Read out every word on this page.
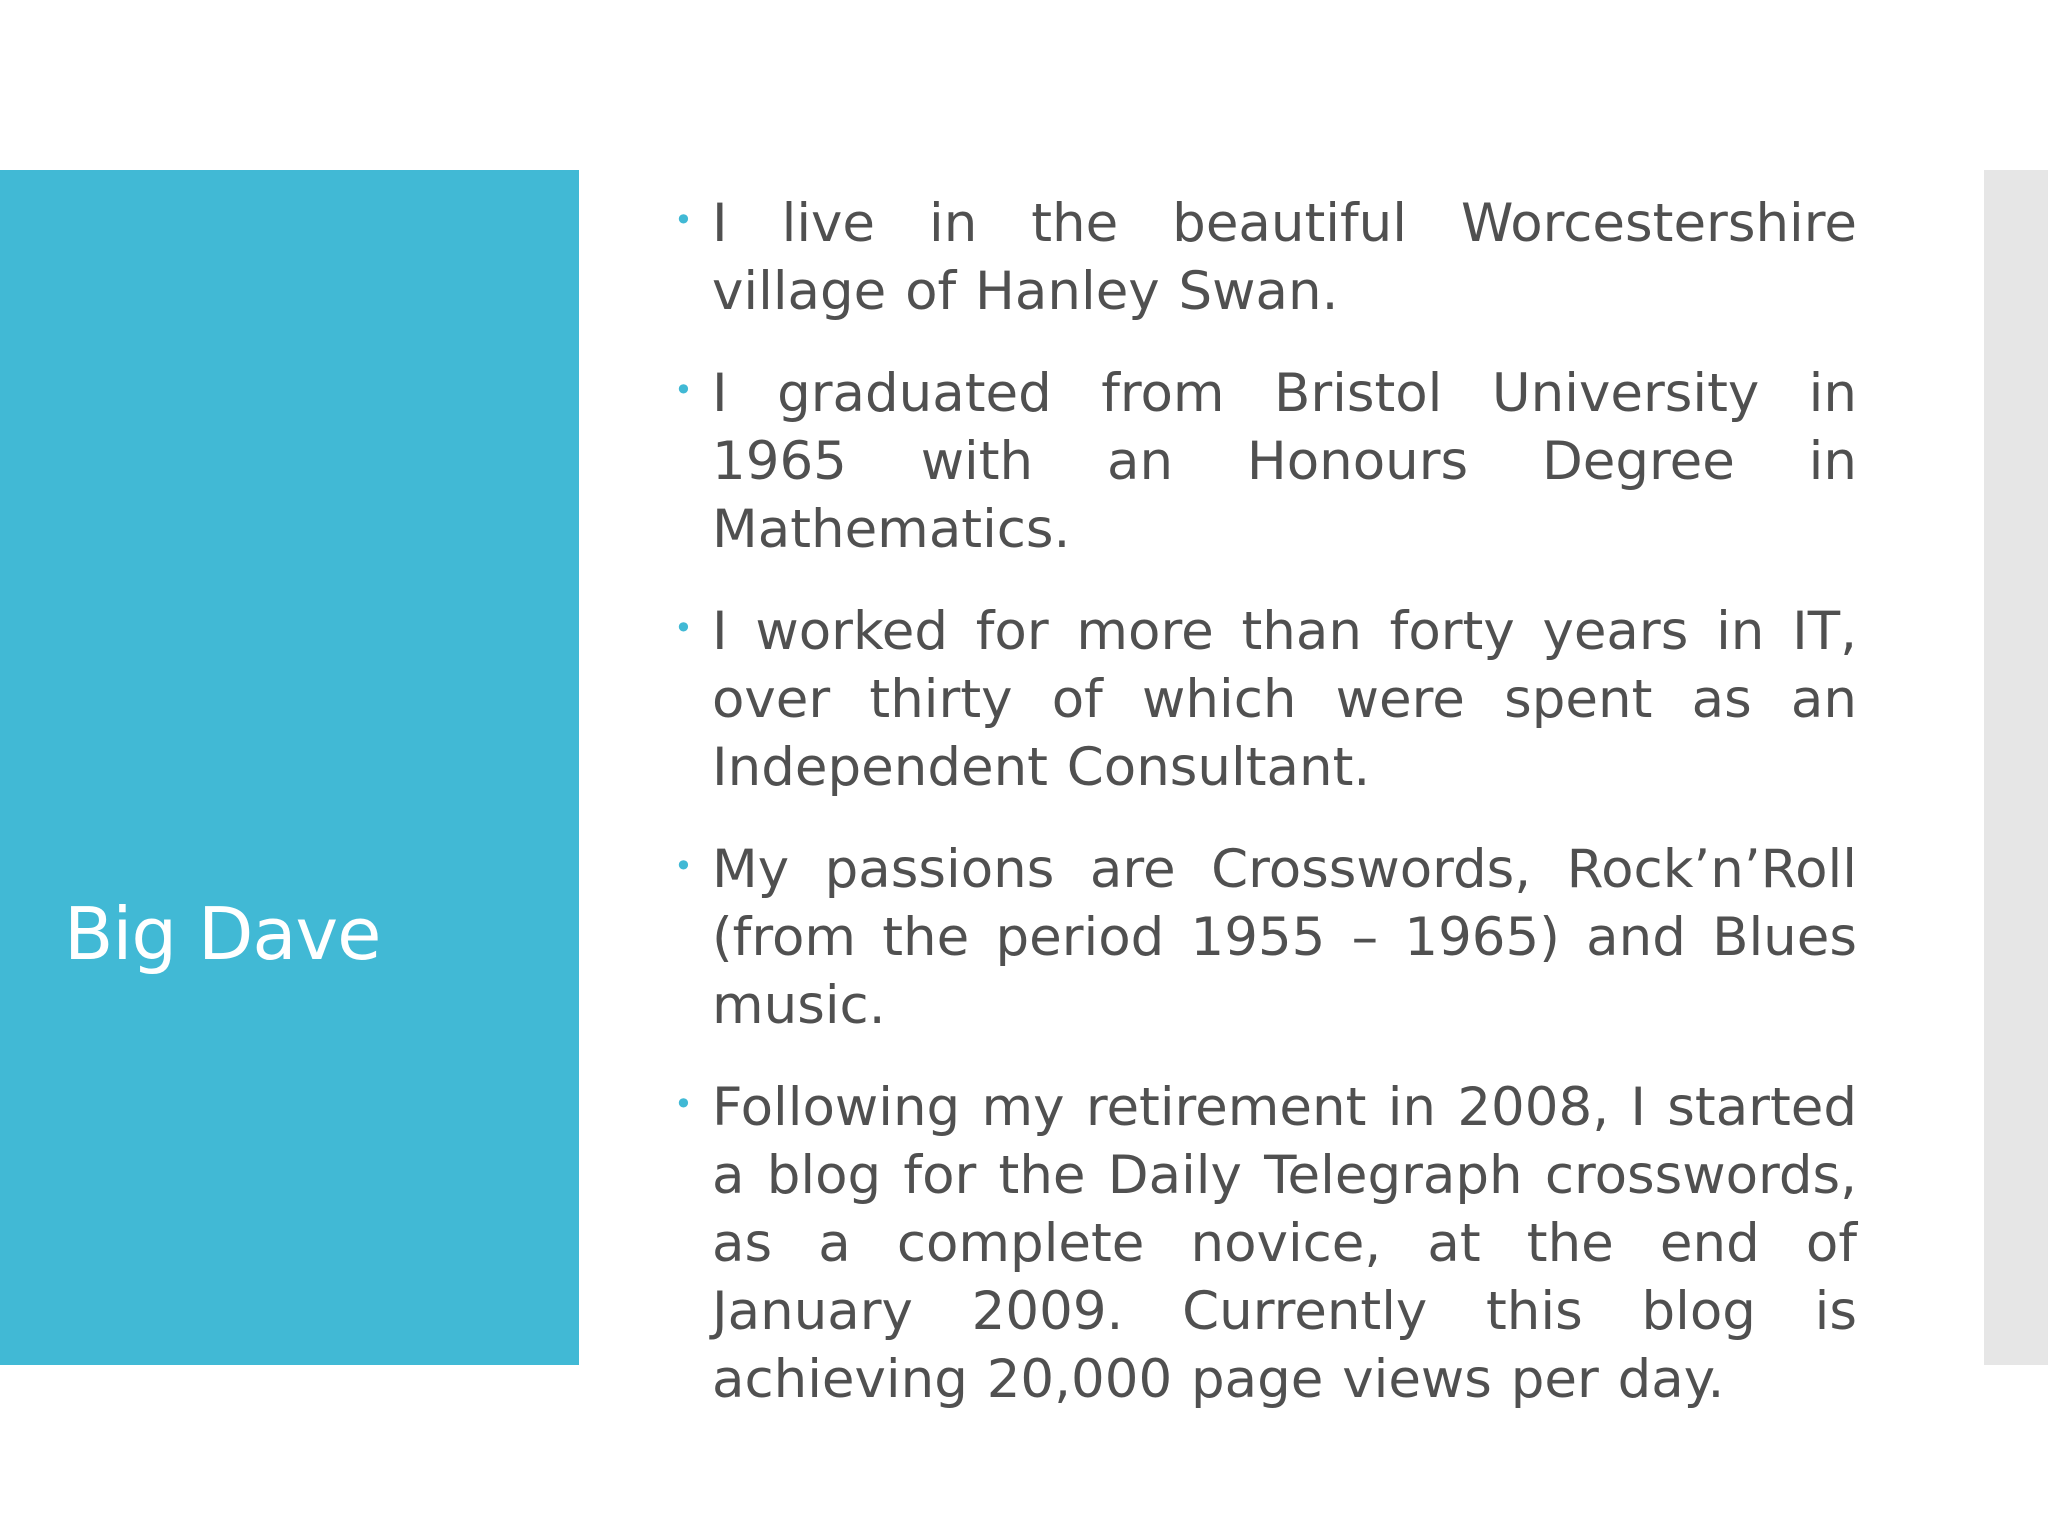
Big Dave
• I live in the beautiful Worcestershire village of Hanley Swan.
• I graduated from Bristol University in 1965 with an Honours Degree in Mathematics.
• I worked for more than forty years in IT, over thirty of which were spent as an Independent Consultant.
• My passions are Crosswords, Rock’n’Roll (from the period 1955 – 1965) and Blues music.
• Following my retirement in 2008, I started a blog for the Daily Telegraph crosswords, as a complete novice, at the end of January 2009. Currently this blog is achieving 20,000 page views per day.
